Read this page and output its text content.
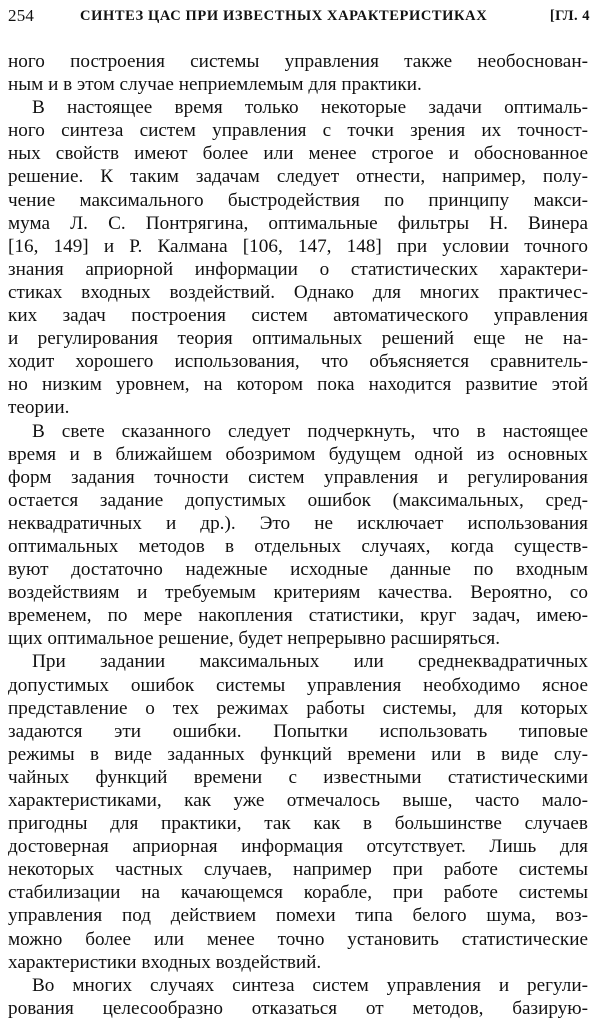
254	СИНТЕЗ ЦАС ПРИ ИЗВЕСТНЫХ ХАРАКТЕРИСТИКАХ	[ГЛ. 4
ного построения системы управления также необоснован-
ным и в этом случае неприемлемым для практики.
В настоящее время только некоторые задачи оптималь-
ного синтеза систем управления с точки зрения их точност-
ных свойств имеют более или менее строгое и обоснованное
решение. К таким задачам следует отнести, например, полу-
чение максимального быстродействия по принципу макси-
мума Л. С. Понтрягина, оптимальные фильтры Н. Винера
[16, 149] и Р. Калмана [106, 147, 148] при условии точного
знания априорной информации о статистических характери-
стиках входных воздействий. Однако для многих практичес-
ких задач построения систем автоматического управления
и регулирования теория оптимальных решений еще не на-
ходит хорошего использования, что объясняется сравнитель-
но низким уровнем, на котором пока находится развитие этой
теории.
В свете сказанного следует подчеркнуть, что в настоящее
время и в ближайшем обозримом будущем одной из основных
форм задания точности систем управления и регулирования
остается задание допустимых ошибок (максимальных, сред-
неквадратичных и др.). Это не исключает использования
оптимальных методов в отдельных случаях, когда существ-
вуют достаточно надежные исходные данные по входным
воздействиям и требуемым критериям качества. Вероятно, со
временем, по мере накопления статистики, круг задач, имею-
щих оптимальное решение, будет непрерывно расширяться.
При задании максимальных или среднеквадратичных
допустимых ошибок системы управления необходимо ясное
представление о тех режимах работы системы, для которых
задаются эти ошибки. Попытки использовать типовые
режимы в виде заданных функций времени или в виде слу-
чайных функций времени с известными статистическими
характеристиками, как уже отмечалось выше, часто мало-
пригодны для практики, так как в большинстве случаев
достоверная априорная информация отсутствует. Лишь для
некоторых частных случаев, например при работе системы
стабилизации на качающемся корабле, при работе системы
управления под действием помехи типа белого шума, воз-
можно более или менее точно установить статистические
характеристики входных воздействий.
Во многих случаях синтеза систем управления и регули-
рования целесообразно отказаться от методов, базирую-
